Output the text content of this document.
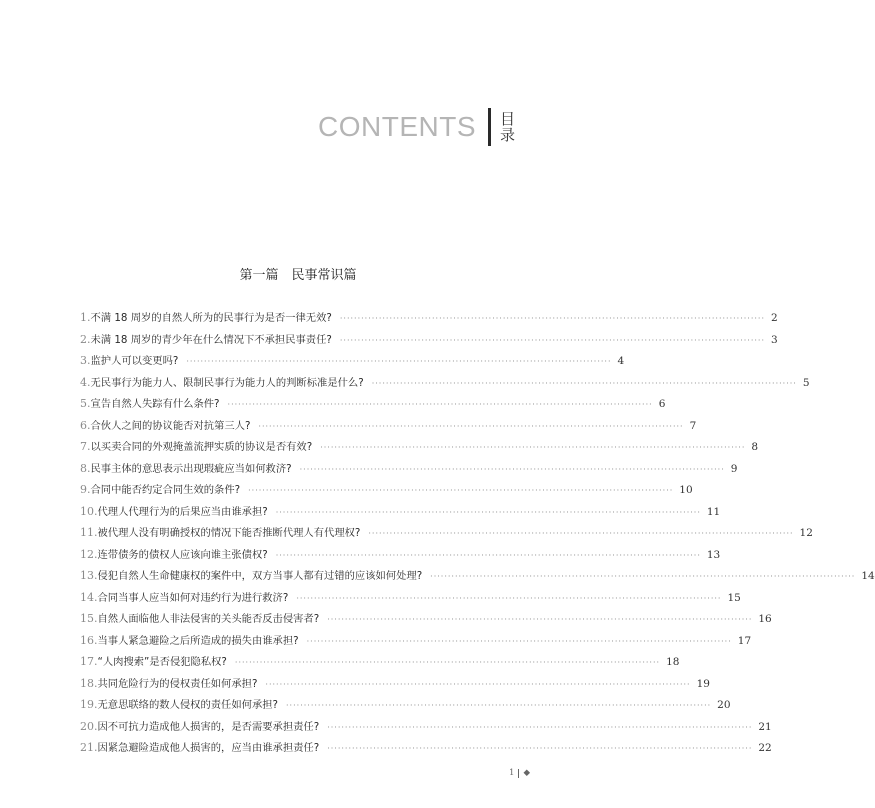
CONTENTS 目录
第一篇　民事常识篇
1. 不满 18 周岁的自然人所为的民事行为是否一律无效? ························································································································ 2
2. 未满 18 周岁的青少年在什么情况下不承担民事责任? ························································································································ 3
3. 监护人可以变更吗? ························································································································ 4
4. 无民事行为能力人、限制民事行为能力人的判断标准是什么? ························································································································ 5
5. 宣告自然人失踪有什么条件? ························································································································ 6
6. 合伙人之间的协议能否对抗第三人? ························································································································ 7
7. 以买卖合同的外观掩盖流押实质的协议是否有效? ························································································································ 8
8. 民事主体的意思表示出现瑕疵应当如何救济? ························································································································ 9
9. 合同中能否约定合同生效的条件? ························································································································ 10
10. 代理人代理行为的后果应当由谁承担? ························································································································ 11
11. 被代理人没有明确授权的情况下能否推断代理人有代理权? ························································································································ 12
12. 连带债务的债权人应该向谁主张债权? ························································································································ 13
13. 侵犯自然人生命健康权的案件中，双方当事人都有过错的应该如何处理? ························································································································ 14
14. 合同当事人应当如何对违约行为进行救济? ························································································································ 15
15. 自然人面临他人非法侵害的关头能否反击侵害者? ························································································································ 16
16. 当事人紧急避险之后所造成的损失由谁承担? ························································································································ 17
17. “人肉搜索”是否侵犯隐私权? ························································································································ 18
18. 共同危险行为的侵权责任如何承担? ························································································································ 19
19. 无意思联络的数人侵权的责任如何承担? ························································································································ 20
20. 因不可抗力造成他人损害的，是否需要承担责任? ························································································································ 21
21. 因紧急避险造成他人损害的，应当由谁承担责任? ························································································································ 22
1 ◆
